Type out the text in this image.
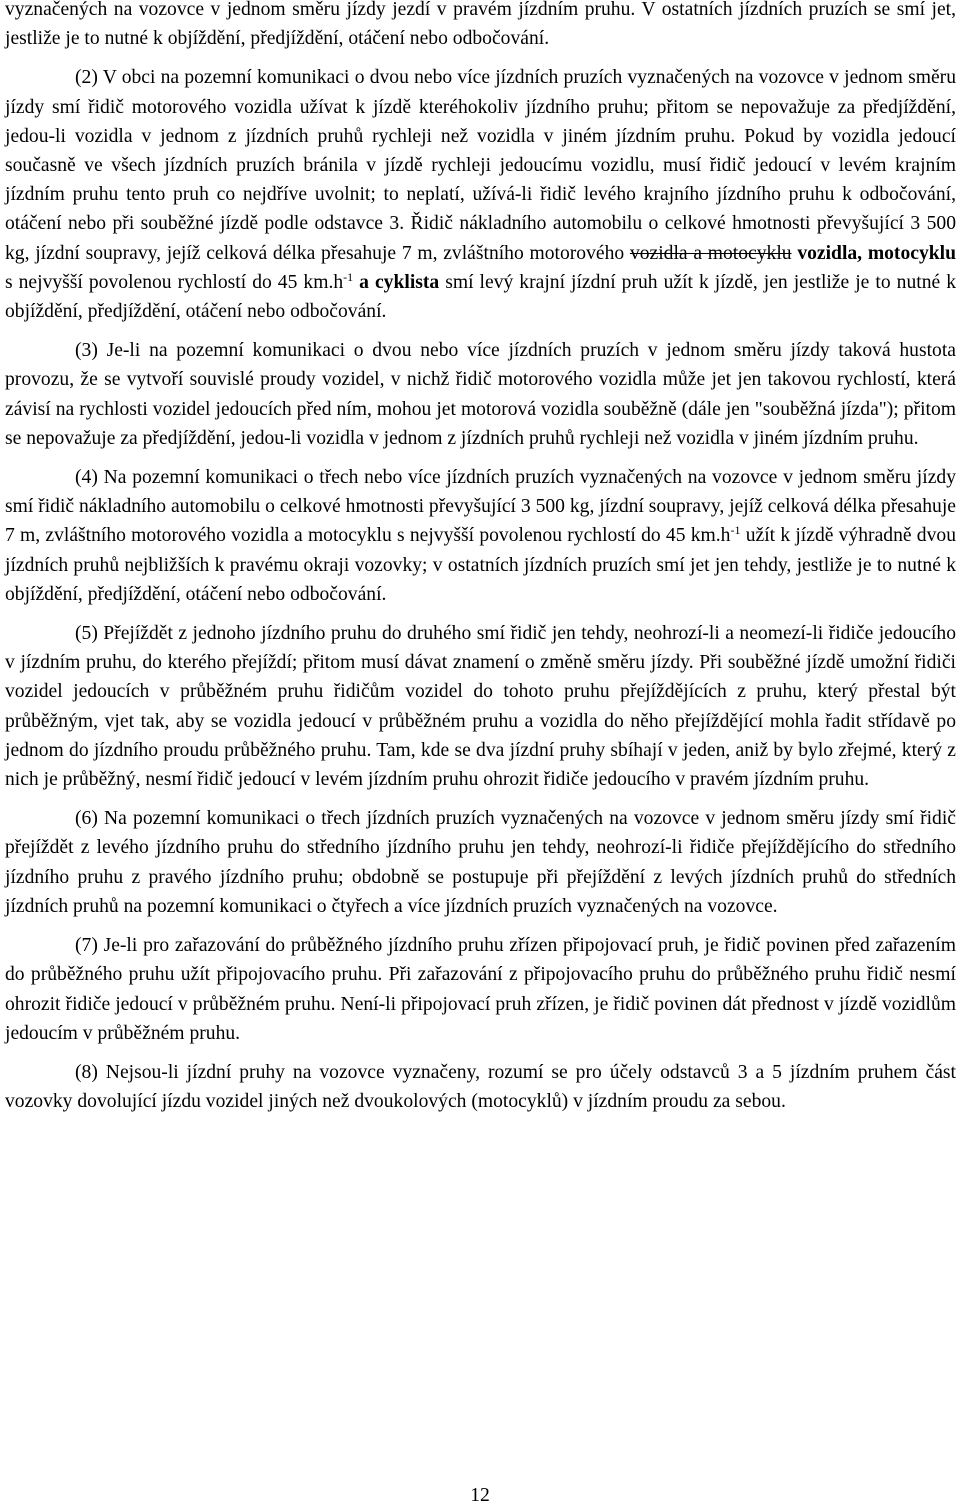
vyznačených na vozovce v jednom směru jízdy jezdí v pravém jízdním pruhu. V ostatních jízdních pruzích se smí jet, jestliže je to nutné k objíždění, předjíždění, otáčení nebo odbočování.

(2) V obci na pozemní komunikaci o dvou nebo více jízdních pruzích vyznačených na vozovce v jednom směru jízdy smí řidič motorového vozidla užívat k jízdě kteréhokoliv jízdního pruhu; přitom se nepovažuje za předjíždění, jedou-li vozidla v jednom z jízdních pruhů rychleji než vozidla v jiném jízdním pruhu. Pokud by vozidla jedoucí současně ve všech jízdních pruzích bránila v jízdě rychleji jedoucímu vozidlu, musí řidič jedoucí v levém krajním jízdním pruhu tento pruh co nejdříve uvolnit; to neplatí, užívá-li řidič levého krajního jízdního pruhu k odbočování, otáčení nebo při souběžné jízdě podle odstavce 3. Řidič nákladního automobilu o celkové hmotnosti převyšující 3 500 kg, jízdní soupravy, jejíž celková délka přesahuje 7 m, zvláštního motorového vozidla a motocyklu vozidla, motocyklu s nejvyšší povolenou rychlostí do 45 $km.h^{-1}$ a cyklista smí levý krajní jízdní pruh užít k jízdě, jen jestliže je to nutné k objíždění, předjíždění, otáčení nebo odbočování.

(3) Je-li na pozemní komunikaci o dvou nebo více jízdních pruzích v jednom směru jízdy taková hustota provozu, že se vytvoří souvislé proudy vozidel, v nichž řidič motorového vozidla může jet jen takovou rychlostí, která závisí na rychlosti vozidel jedoucích před ním, mohou jet motorová vozidla souběžně (dále jen "souběžná jízda"); přitom se nepovažuje za předjíždění, jedou-li vozidla v jednom z jízdních pruhů rychleji než vozidla v jiném jízdním pruhu.

(4) Na pozemní komunikaci o třech nebo více jízdních pruzích vyznačených na vozovce v jednom směru jízdy smí řidič nákladního automobilu o celkové hmotnosti převyšující 3 500 kg, jízdní soupravy, jejíž celková délka přesahuje 7 m, zvláštního motorového vozidla a motocyklu s nejvyšší povolenou rychlostí do 45 $km.h^{-1}$ užít k jízdě výhradně dvou jízdních pruhů nejbližších k pravému okraji vozovky; v ostatních jízdních pruzích smí jet jen tehdy, jestliže je to nutné k objíždění, předjíždění, otáčení nebo odbočování.

(5) Přejíždět z jednoho jízdního pruhu do druhého smí řidič jen tehdy, neohrozí-li a neomezí-li řidiče jedoucího v jízdním pruhu, do kterého přejíždí; přitom musí dávat znamení o změně směru jízdy. Při souběžné jízdě umožní řidiči vozidel jedoucích v průběžném pruhu řidičům vozidel do tohoto pruhu přejíždějících z pruhu, který přestal být průběžným, vjet tak, aby se vozidla jedoucí v průběžném pruhu a vozidla do něho přejíždějící mohla řadit střídavě po jednom do jízdního proudu průběžného pruhu. Tam, kde se dva jízdní pruhy sbíhají v jeden, aniž by bylo zřejmé, který z nich je průběžný, nesmí řidič jedoucí v levém jízdním pruhu ohrozit řidiče jedoucího v pravém jízdním pruhu.

(6) Na pozemní komunikaci o třech jízdních pruzích vyznačených na vozovce v jednom směru jízdy smí řidič přejíždět z levého jízdního pruhu do středního jízdního pruhu jen tehdy, neohrozí-li řidiče přejíždějícího do středního jízdního pruhu z pravého jízdního pruhu; obdobně se postupuje při přejíždění z levých jízdních pruhů do středních jízdních pruhů na pozemní komunikaci o čtyřech a více jízdních pruzích vyznačených na vozovce.

(7) Je-li pro zařazování do průběžného jízdního pruhu zřízen připojovací pruh, je řidič povinen před zařazením do průběžného pruhu užít připojovacího pruhu. Při zařazování z připojovacího pruhu do průběžného pruhu řidič nesmí ohrozit řidiče jedoucí v průběžném pruhu. Není-li připojovací pruh zřízen, je řidič povinen dát přednost v jízdě vozidlům jedoucím v průběžném pruhu.

(8) Nejsou-li jízdní pruhy na vozovce vyznačeny, rozumí se pro účely odstavců 3 a 5 jízdním pruhem část vozovky dovolující jízdu vozidel jiných než dvoukolových (motocyklů) v jízdním proudu za sebou.

12
